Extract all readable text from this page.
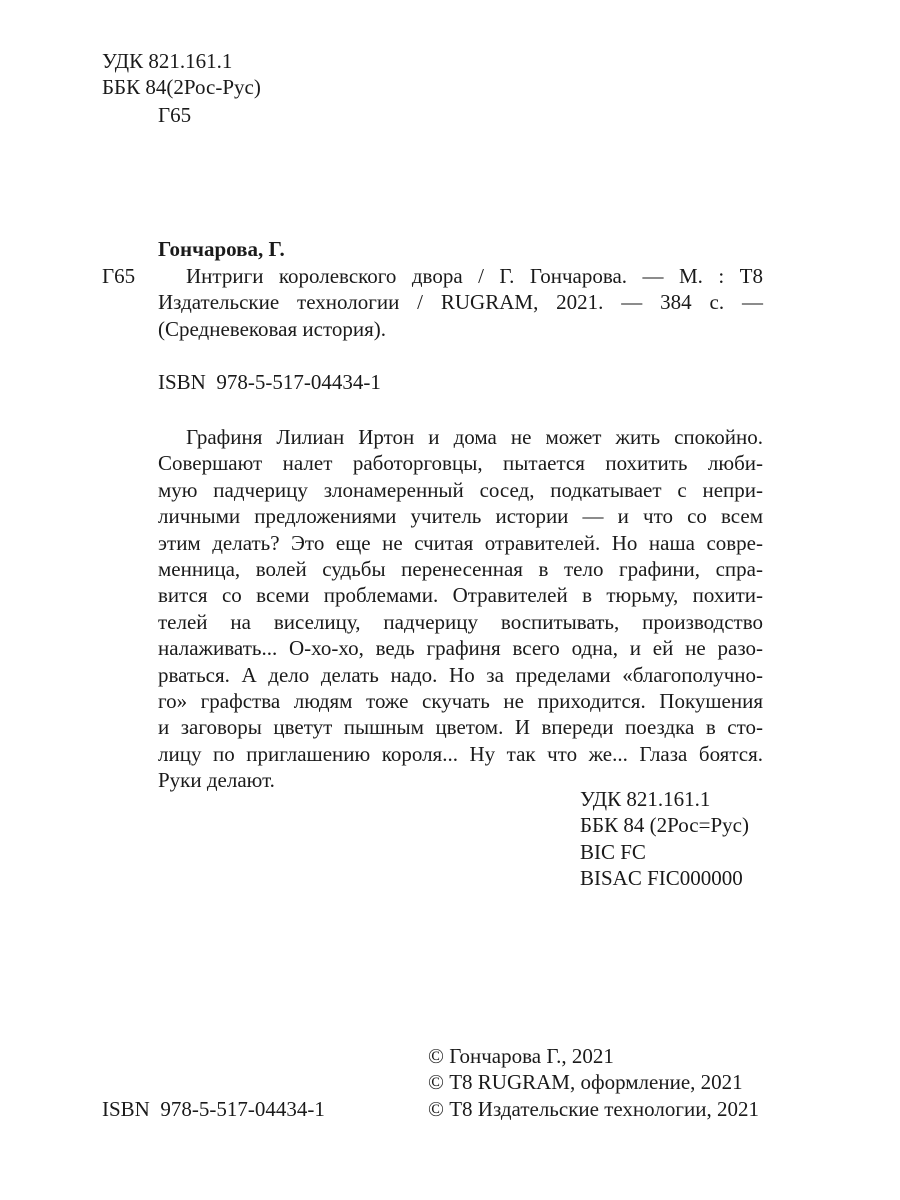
УДК 821.161.1
ББК 84(2Рос-Рус)
Г65
Гончарова, Г.
Г65	Интриги королевского двора / Г. Гончарова. — М. : Т8
Издательские технологии / RUGRAM, 2021. — 384 с. —
(Средневековая история).
ISBN  978-5-517-04434-1
Графиня Лилиан Иртон и дома не может жить спокойно.
Совершают налет работорговцы, пытается похитить люби-
мую падчерицу злонамеренный сосед, подкатывает с непри-
личными предложениями учитель истории — и что со всем
этим делать? Это еще не считая отравителей. Но наша совре-
менница, волей судьбы перенесенная в тело графини, спра-
вится со всеми проблемами. Отравителей в тюрьму, похити-
телей на виселицу, падчерицу воспитывать, производство
налаживать... О-хо-хо, ведь графиня всего одна, и ей не разо-
рваться. А дело делать надо. Но за пределами «благополучно-
го» графства людям тоже скучать не приходится. Покушения
и заговоры цветут пышным цветом. И впереди поездка в сто-
лицу по приглашению короля... Ну так что же... Глаза боятся.
Руки делают.
УДК 821.161.1
ББК 84 (2Рос=Рус)
BIC FC
BISAC FIC000000
© Гончарова Г., 2021
© Т8 RUGRAM, оформление, 2021
© Т8 Издательские технологии, 2021
ISBN  978-5-517-04434-1
